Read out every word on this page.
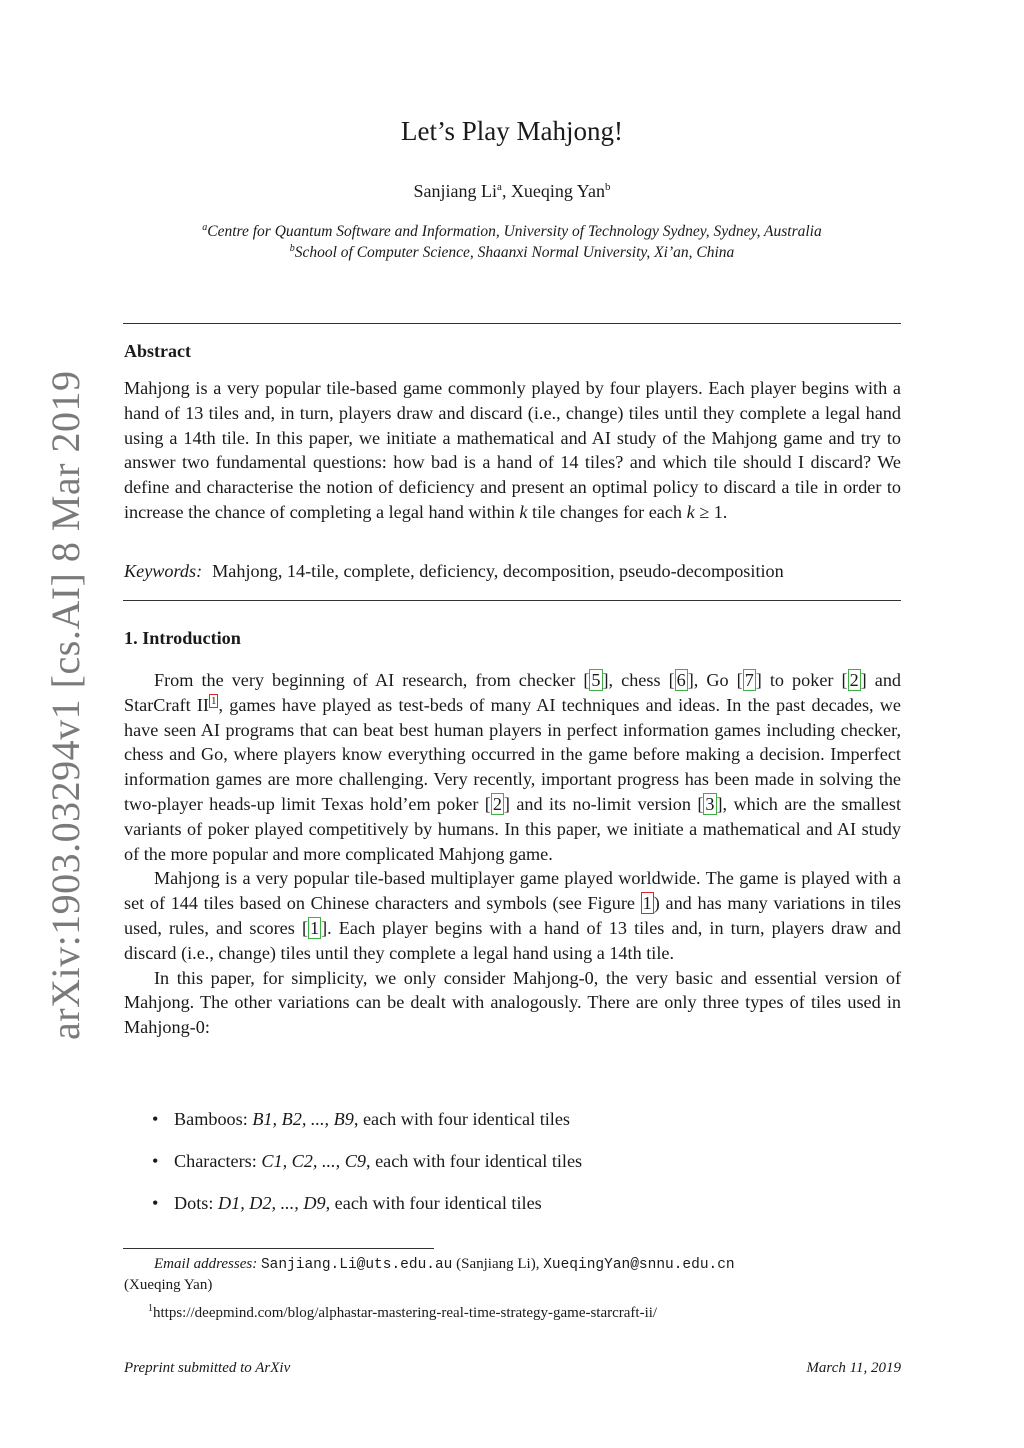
arXiv:1903.03294v1 [cs.AI] 8 Mar 2019
Let’s Play Mahjong!
Sanjiang Li$^a$, Xueqing Yan$^b$
$^a$Centre for Quantum Software and Information, University of Technology Sydney, Sydney, Australia
$^b$School of Computer Science, Shaanxi Normal University, Xi’an, China
Abstract
Mahjong is a very popular tile-based game commonly played by four players. Each player begins with a hand of 13 tiles and, in turn, players draw and discard (i.e., change) tiles until they complete a legal hand using a 14th tile. In this paper, we initiate a mathematical and AI study of the Mahjong game and try to answer two fundamental questions: how bad is a hand of 14 tiles? and which tile should I discard? We define and characterise the notion of deficiency and present an optimal policy to discard a tile in order to increase the chance of completing a legal hand within k tile changes for each k ≥ 1.
Keywords: Mahjong, 14-tile, complete, deficiency, decomposition, pseudo-decomposition
1. Introduction

From the very beginning of AI research, from checker [ 5 ], chess [ 6 ], Go [ 7 ] to poker [ 2 ] and StarCraft II $^1$ , games have played as test-beds of many AI techniques and ideas. In the past decades, we have seen AI programs that can beat best human players in perfect information games including checker, chess and Go, where players know everything occurred in the game before making a decision. Imperfect information games are more challenging. Very recently, important progress has been made in solving the two-player heads-up limit Texas hold’em poker [ 2 ] and its no-limit version [ 3 ], which are the smallest variants of poker played competitively by humans. In this paper, we initiate a mathematical and AI study of the more popular and more complicated Mahjong game.

Mahjong is a very popular tile-based multiplayer game played worldwide. The game is played with a set of 144 tiles based on Chinese characters and symbols (see Figure 1 ) and has many variations in tiles used, rules, and scores [ 1 ]. Each player begins with a hand of 13 tiles and, in turn, players draw and discard (i.e., change) tiles until they complete a legal hand using a 14th tile.

In this paper, for simplicity, we only consider Mahjong-0, the very basic and essential version of Mahjong. The other variations can be dealt with analogously. There are only three types of tiles used in Mahjong-0:

• Bamboos: B1, B2, ..., B9, each with four identical tiles
• Characters: C1, C2, ..., C9, each with four identical tiles
• Dots: D1, D2, ..., D9, each with four identical tiles
Email addresses: Sanjiang.Li@uts.edu.au (Sanjiang Li), XueqingYan@snnu.edu.cn
(Xueqing Yan)
$^1$https://deepmind.com/blog/alphastar-mastering-real-time-strategy-game-starcraft-ii/
Preprint submitted to ArXiv	March 11, 2019
